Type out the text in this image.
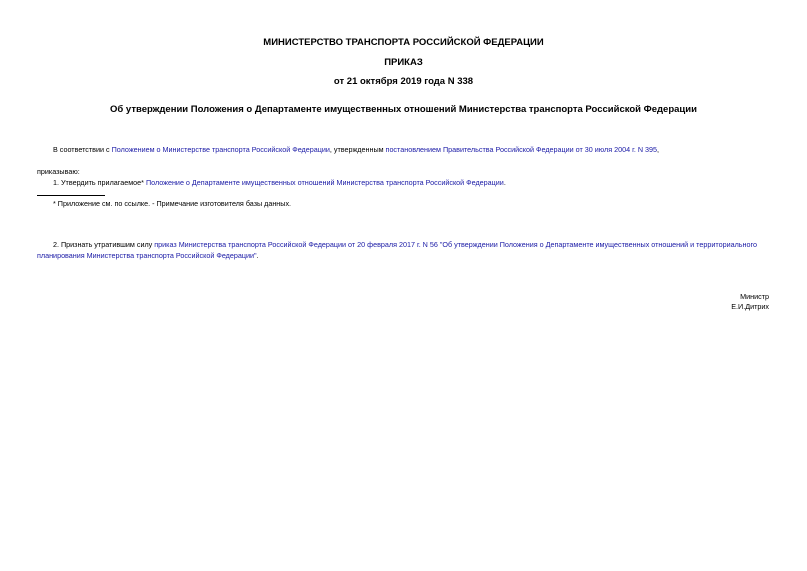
МИНИСТЕРСТВО ТРАНСПОРТА РОССИЙСКОЙ ФЕДЕРАЦИИ
ПРИКАЗ
от 21 октября 2019 года N 338
Об утверждении Положения о Департаменте имущественных отношений Министерства транспорта Российской Федерации
В соответствии с Положением о Министерстве транспорта Российской Федерации, утвержденным постановлением Правительства Российской Федерации от 30 июля 2004 г. N 395,
приказываю:
1. Утвердить прилагаемое* Положение о Департаменте имущественных отношений Министерства транспорта Российской Федерации.
* Приложение см. по ссылке. - Примечание изготовителя базы данных.
2. Признать утратившим силу приказ Министерства транспорта Российской Федерации от 20 февраля 2017 г. N 56 "Об утверждении Положения о Департаменте имущественных отношений и территориального
планирования Министерства транспорта Российской Федерации".
Министр
Е.И.Дитрих
